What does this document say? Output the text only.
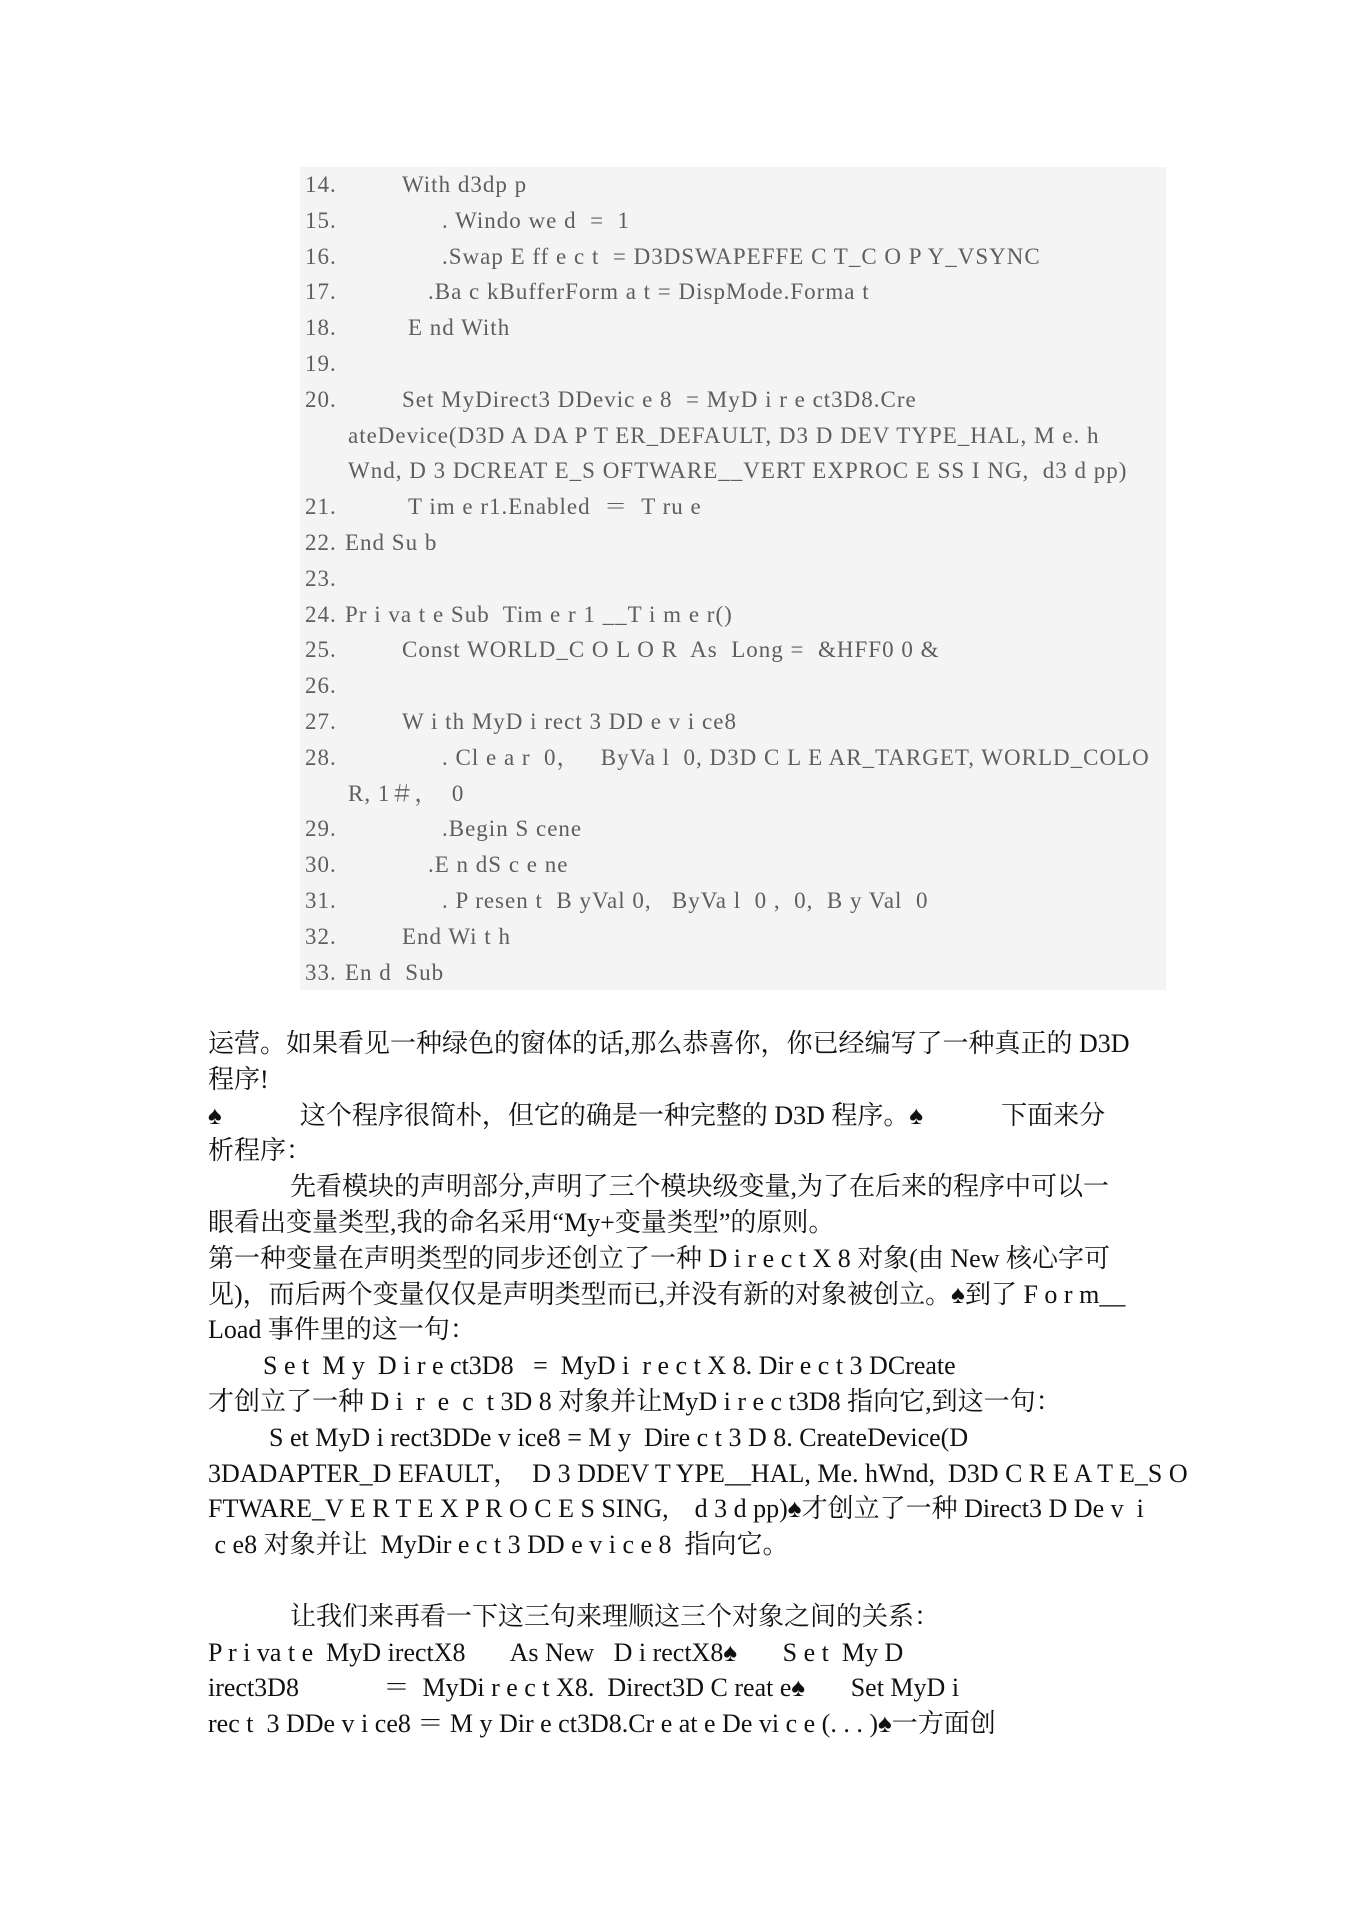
14.	With d3dp p
15.	. Windo we d  =  1
16.	.Swap E ff e c t  = D3DSWAPEFFE C T_C O P Y_VSYNC
17.	.Ba c kBufferForm a t = DispMode.Forma t
18.	E nd With
19.
20.	Set MyDirect3 DDevic e 8  = MyD i r e ct3D8.Cre
ateDevice(D3D A DA P T ER_DEFAULT, D3 D DEV TYPE_HAL, M e. h
Wnd, D 3 DCREAT E_S OFTWARE__VERT EXPROC E SS I NG,  d3 d pp)
21.	T im e r1.Enabled  ＝  T ru e
22. End Su b
23.
24. Pr i va t e Sub  Tim e r 1 __T i m e r()
25.	Const WORLD_C O L O R  As  Long =  &HFF0 0 &
26.
27.	W i th MyD i rect 3 DD e v i ce8
28.	. Cl e a r  0，   ByVa l  0, D3D C L E AR_TARGET, WORLD_COLO
R, 1＃，  0
29.	.Begin S cene
30.	.E n dS c e ne
31.	. P resen t  B yVal 0,   ByVa l  0 ,  0,  B y Val  0
32.	End Wi t h
33. En d  Sub
运营。如果看见一种绿色的窗体的话,那么恭喜你，你已经编写了一种真正的 D3D
程序!
♠　　　这个程序很简朴，但它的确是一种完整的 D3D 程序。♠　　　下面来分
析程序：
先看模块的声明部分,声明了三个模块级变量,为了在后来的程序中可以一
眼看出变量类型,我的命名采用“My+变量类型”的原则。
第一种变量在声明类型的同步还创立了一种 D i r e c t X 8 对象(由 New 核心字可
见)，而后两个变量仅仅是声明类型而已,并没有新的对象被创立。♠到了 F o r m__
Load 事件里的这一句：
S e t  M y  D i r e ct3D8   =  MyD i  r e c t X 8. Dir e c t 3 DCreate
才创立了一种 D i  r  e  c  t 3D 8 对象并让MyD i r e c t3D8 指向它,到这一句：
S et MyD i rect3DDe v ice8 = M y  Dire c t 3 D 8. CreateDevice(D
3DADAPTER_D EFAULT，  D 3 DDEV T YPE__HAL, Me. hWnd,  D3D C R E A T E_S O
FTWARE_V E R T E X P R O C E S SING,    d 3 d pp)♠才创立了一种 Direct3 D De v  i
c e8 对象并让  MyDir e c t 3 DD e v i c e 8  指向它。
让我们来再看一下这三句来理顺这三个对象之间的关系：
P r i va t e  MyD irectX8       As New   D i rectX8♠       S e t  My D
irect3D8             ＝  MyDi r e c t X8.  Direct3D C reat e♠       Set MyD i
rec t  3 DDe v i ce8 ＝ M y Dir e ct3D8.Cr e at e De vi c e (. . . )♠一方面创
